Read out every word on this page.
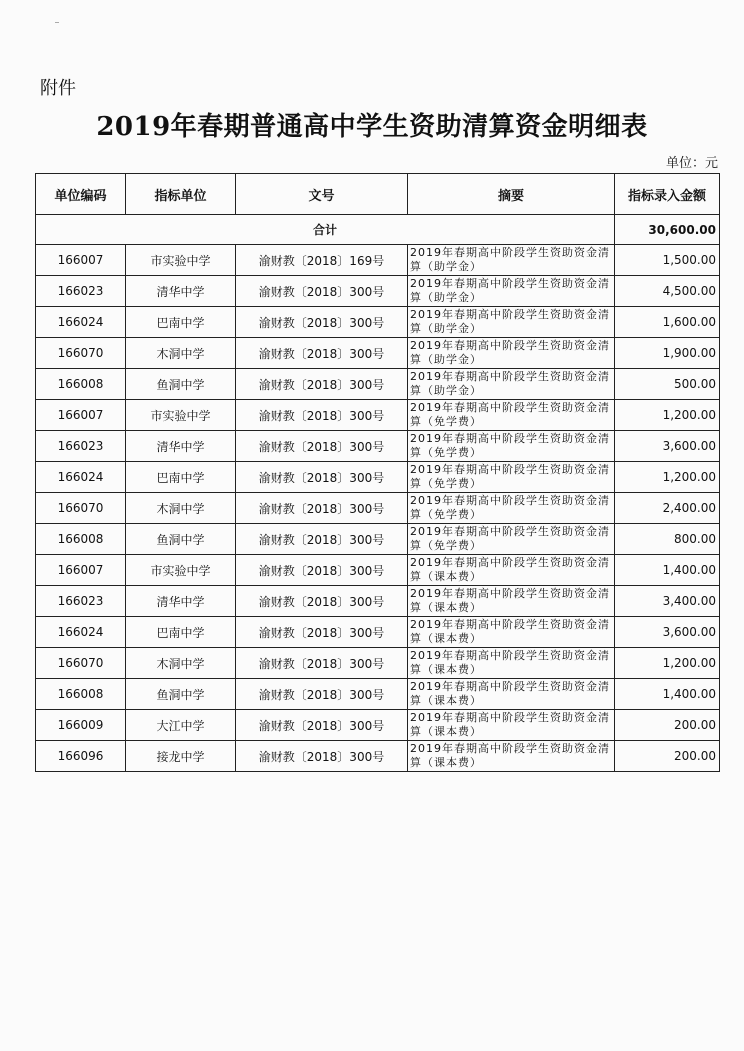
附件
2019年春期普通高中学生资助清算资金明细表
单位：元
单位编码	指标单位	文号	摘要	指标录入金额
合计				30,600.00
166007	市实验中学	渝财教〔2018〕169号	2019年春期高中阶段学生资助资金清算（助学金）	1,500.00
166023	清华中学	渝财教〔2018〕300号	2019年春期高中阶段学生资助资金清算（助学金）	4,500.00
166024	巴南中学	渝财教〔2018〕300号	2019年春期高中阶段学生资助资金清算（助学金）	1,600.00
166070	木洞中学	渝财教〔2018〕300号	2019年春期高中阶段学生资助资金清算（助学金）	1,900.00
166008	鱼洞中学	渝财教〔2018〕300号	2019年春期高中阶段学生资助资金清算（助学金）	500.00
166007	市实验中学	渝财教〔2018〕300号	2019年春期高中阶段学生资助资金清算（免学费）	1,200.00
166023	清华中学	渝财教〔2018〕300号	2019年春期高中阶段学生资助资金清算（免学费）	3,600.00
166024	巴南中学	渝财教〔2018〕300号	2019年春期高中阶段学生资助资金清算（免学费）	1,200.00
166070	木洞中学	渝财教〔2018〕300号	2019年春期高中阶段学生资助资金清算（免学费）	2,400.00
166008	鱼洞中学	渝财教〔2018〕300号	2019年春期高中阶段学生资助资金清算（免学费）	800.00
166007	市实验中学	渝财教〔2018〕300号	2019年春期高中阶段学生资助资金清算（课本费）	1,400.00
166023	清华中学	渝财教〔2018〕300号	2019年春期高中阶段学生资助资金清算（课本费）	3,400.00
166024	巴南中学	渝财教〔2018〕300号	2019年春期高中阶段学生资助资金清算（课本费）	3,600.00
166070	木洞中学	渝财教〔2018〕300号	2019年春期高中阶段学生资助资金清算（课本费）	1,200.00
166008	鱼洞中学	渝财教〔2018〕300号	2019年春期高中阶段学生资助资金清算（课本费）	1,400.00
166009	大江中学	渝财教〔2018〕300号	2019年春期高中阶段学生资助资金清算（课本费）	200.00
166096	接龙中学	渝财教〔2018〕300号	2019年春期高中阶段学生资助资金清算（课本费）	200.00
